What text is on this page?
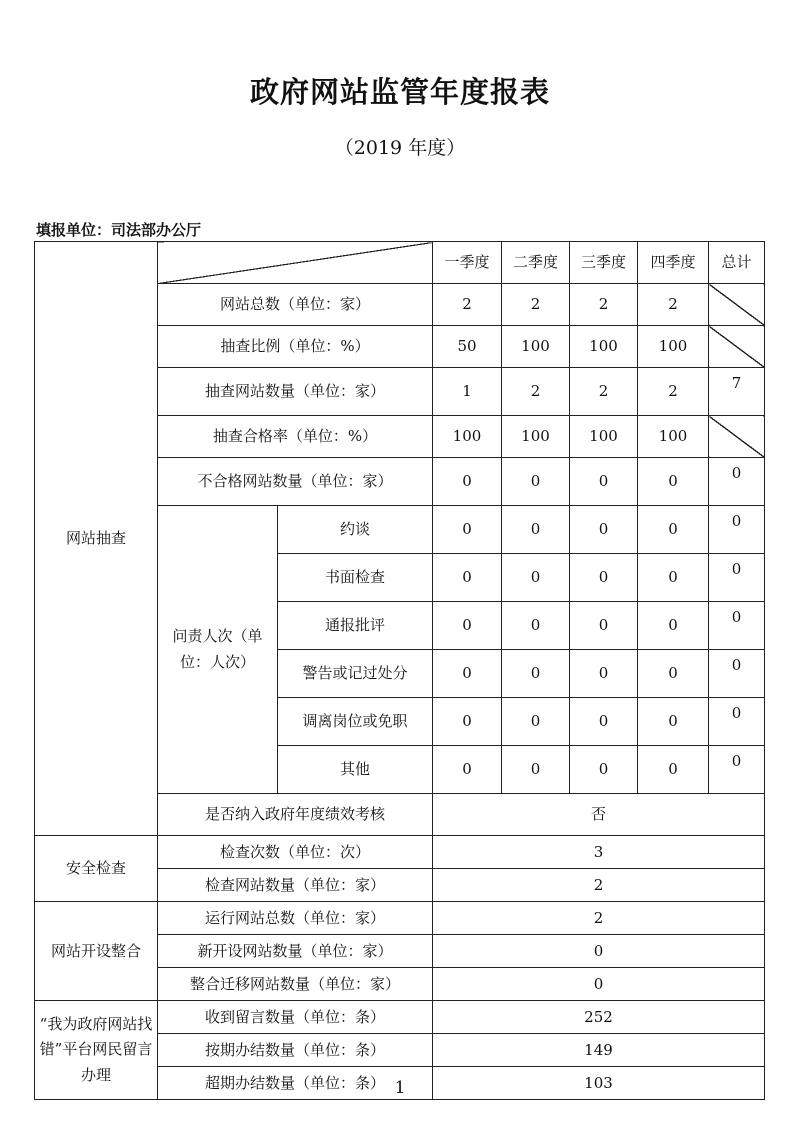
政府网站监管年度报表
（2019 年度）
填报单位：司法部办公厅
网站抽查			一季度	二季度	三季度	四季度	总计
	网站总数（单位：家）		2	2	2	2	
	抽查比例（单位：%）		50	100	100	100	
	抽查网站数量（单位：家）		1	2	2	2	7
	抽查合格率（单位：%）		100	100	100	100	
	不合格网站数量（单位：家）		0	0	0	0	0
	问责人次（单位：人次）	约谈	0	0	0	0	0
		书面检查	0	0	0	0	0
		通报批评	0	0	0	0	0
		警告或记过处分	0	0	0	0	0
		调离岗位或免职	0	0	0	0	0
		其他	0	0	0	0	0
	是否纳入政府年度绩效考核		否				
安全检查	检查次数（单位：次）		3				
	检查网站数量（单位：家）		2				
网站开设整合	运行网站总数（单位：家）		2				
	新开设网站数量（单位：家）		0				
	整合迁移网站数量（单位：家）		0				
“我为政府网站找错”平台网民留言办理	收到留言数量（单位：条）		252				
	按期办结数量（单位：条）		149				
	超期办结数量（单位：条）		103				
1
